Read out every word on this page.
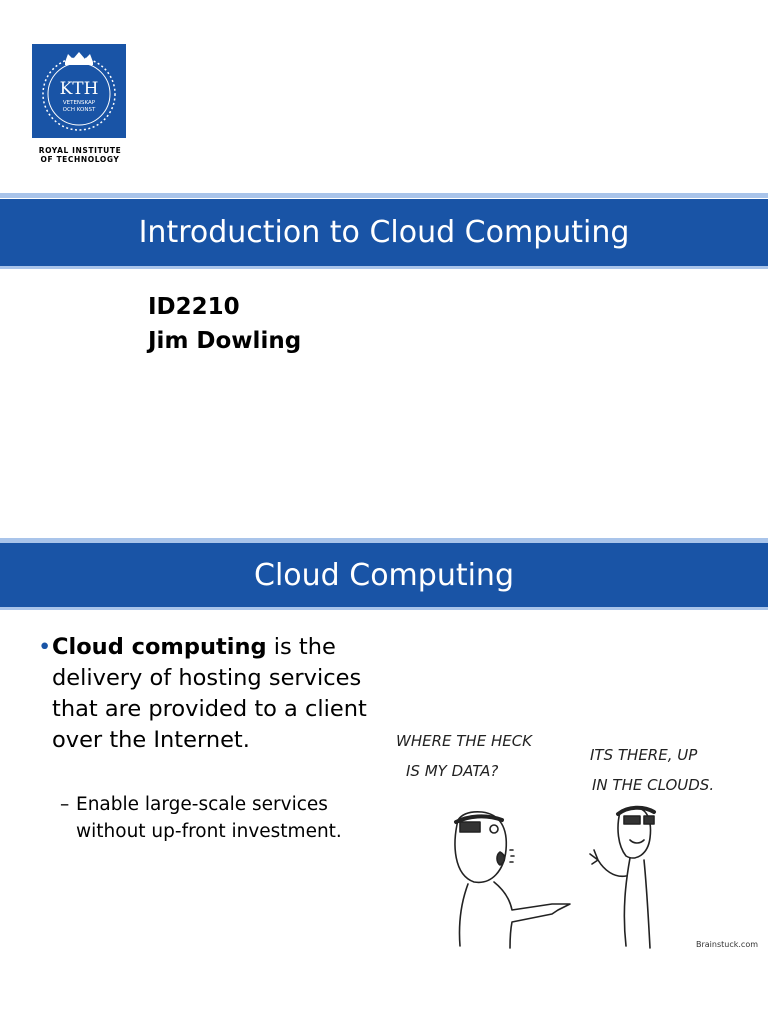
KTH
VETENSKAP
OCH KONST
ROYAL INSTITUTE
OF TECHNOLOGY
Introduction to Cloud Computing
ID2210
Jim Dowling
Cloud Computing
• Cloud computing is the delivery of hosting services that are provided to a client over the Internet.
– Enable large-scale services without up-front investment.
WHERE THE HECK
IS MY DATA?
ITS THERE, UP
IN THE CLOUDS.
Brainstuck.com
